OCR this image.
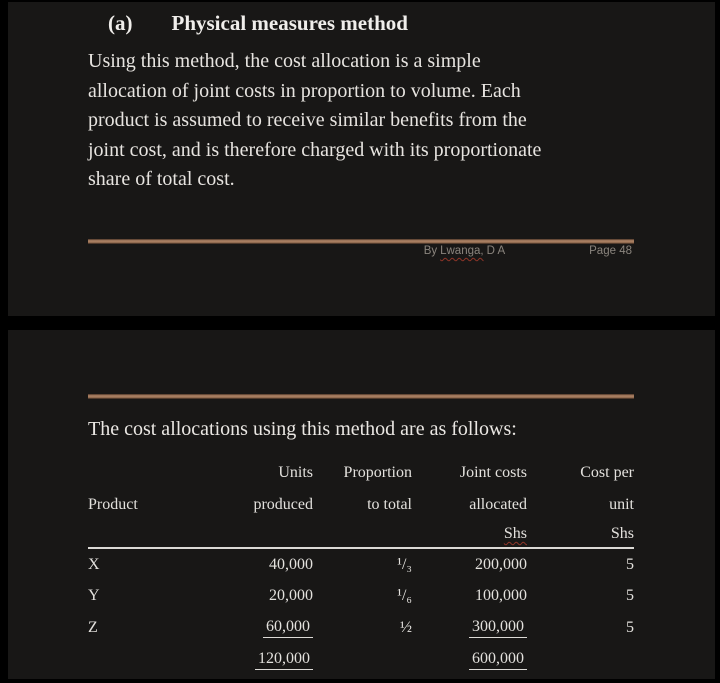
(a) Physical measures method
Using this method, the cost allocation is a simple
allocation of joint costs in proportion to volume. Each
product is assumed to receive similar benefits from the
joint cost, and is therefore charged with its proportionate
share of total cost.
By Lwanga, D A	Page 48
The cost allocations using this method are as follows:
	Units	Proportion	Joint costs	Cost per
Product	produced	to total	allocated	unit
			Shs	Shs
X	40,000	¹/₃	200,000	5
Y	20,000	¹/₆	100,000	5
Z	60,000	½	300,000	5
	120,000		600,000	
